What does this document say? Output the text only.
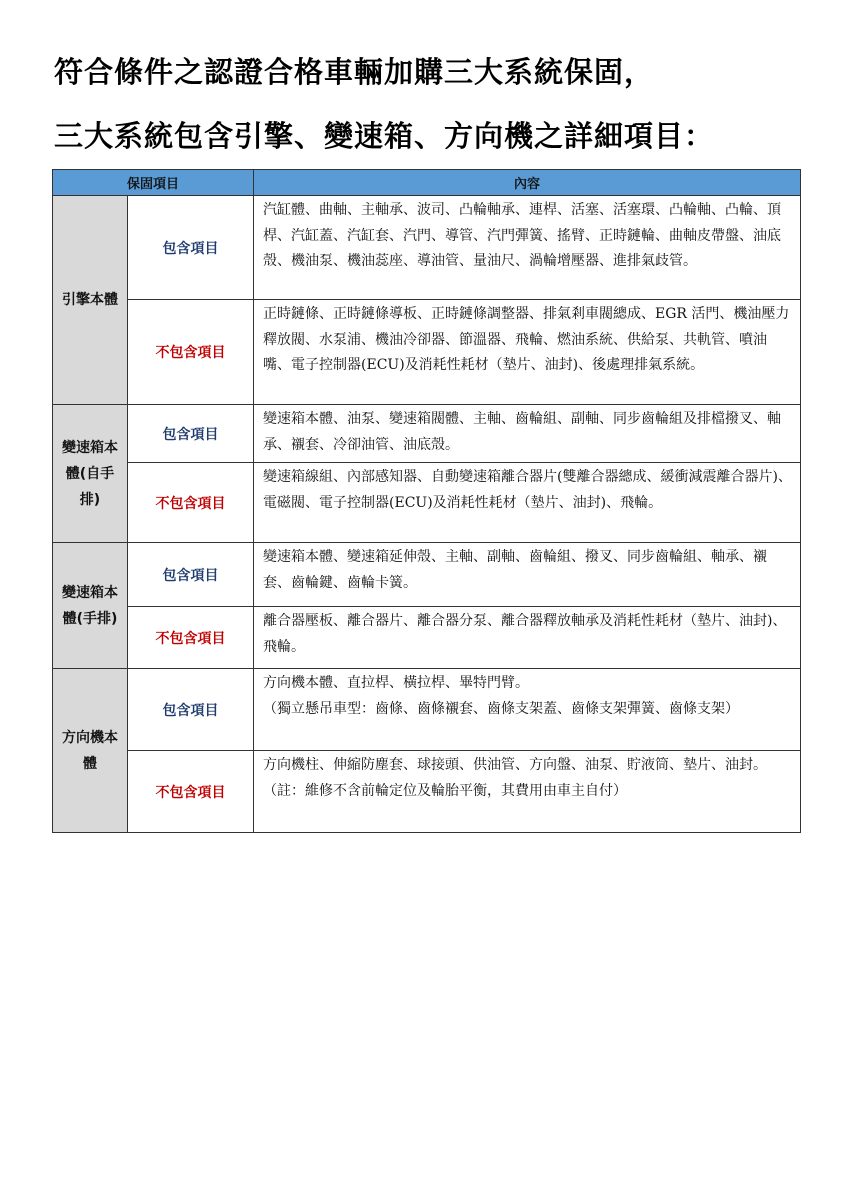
符合條件之認證合格車輛加購三大系統保固，
三大系統包含引擎、變速箱、方向機之詳細項目：
保固項目		內容
引擎本體	包含項目	汽缸體、曲軸、主軸承、波司、凸輪軸承、連桿、活塞、活塞環、凸輪軸、凸輪、頂桿、汽缸蓋、汽缸套、汽門、導管、汽門彈簧、搖臂、正時鏈輪、曲軸皮帶盤、油底殼、機油泵、機油蕊座、導油管、量油尺、渦輪增壓器、進排氣歧管。

	不包含項目	正時鏈條、正時鏈條導板、正時鏈條調整器、排氣剎車閥總成、EGR 活門、機油壓力釋放閥、水泵浦、機油冷卻器、節溫器、飛輪、燃油系統、供給泵、共軌管、噴油嘴、電子控制器(ECU)及消耗性耗材（墊片、油封)、後處理排氣系統。

變速箱本體(自手排)	包含項目	變速箱本體、油泵、變速箱閥體、主軸、齒輪組、副軸、同步齒輪組及排檔撥叉、軸承、襯套、冷卻油管、油底殼。

	不包含項目	變速箱線組、內部感知器、自動變速箱離合器片(雙離合器總成、緩衝減震離合器片)、電磁閥、電子控制器(ECU)及消耗性耗材（墊片、油封)、飛輪。

變速箱本體(手排)	包含項目	變速箱本體、變速箱延伸殼、主軸、副軸、齒輪組、撥叉、同步齒輪組、軸承、襯套、齒輪鍵、齒輪卡簧。

	不包含項目	離合器壓板、離合器片、離合器分泵、離合器釋放軸承及消耗性耗材（墊片、油封)、飛輪。

方向機本體	包含項目	方向機本體、直拉桿、橫拉桿、畢特門臂。
（獨立懸吊車型：齒條、齒條襯套、齒條支架蓋、齒條支架彈簧、齒條支架）

	不包含項目	方向機柱、伸縮防塵套、球接頭、供油管、方向盤、油泵、貯液筒、墊片、油封。
（註：維修不含前輪定位及輪胎平衡，其費用由車主自付）
